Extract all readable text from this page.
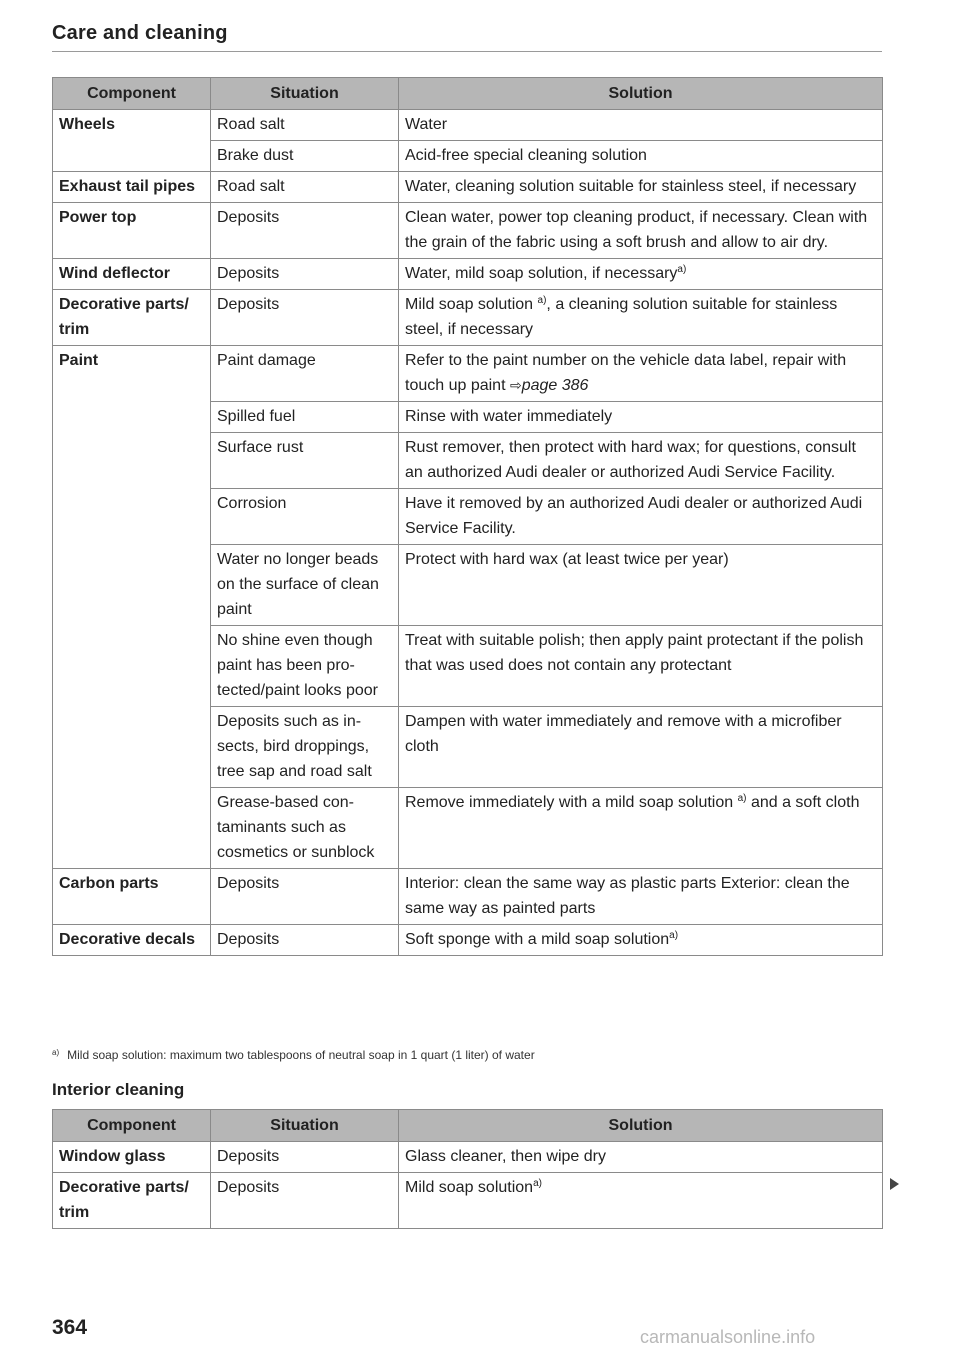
Care and cleaning
Component	Situation	Solution
Wheels	Road salt	Water
	Brake dust	Acid-free special cleaning solution
Exhaust tail pipes	Road salt	Water, cleaning solution suitable for stainless steel, if necessary
Power top	Deposits	Clean water, power top cleaning product, if necessary. Clean with the grain of the fabric using a soft brush and allow to air dry.
Wind deflector	Deposits	Water, mild soap solution, if necessary$^{a)}$
Decorative parts/ trim	Deposits	Mild soap solution $^{a)}$, a cleaning solution suitable for stainless steel, if necessary
Paint	Paint damage	Refer to the paint number on the vehicle data label, repair with touch up paint ⇨page 386
	Spilled fuel	Rinse with water immediately
	Surface rust	Rust remover, then protect with hard wax; for questions, consult an authorized Audi dealer or authorized Audi Service Facility.
	Corrosion	Have it removed by an authorized Audi dealer or authorized Audi Service Facility.
	Water no longer beads on the surface of clean paint	Protect with hard wax (at least twice per year)
	No shine even though paint has been protected/paint looks poor	Treat with suitable polish; then apply paint protectant if the polish that was used does not contain any protectant
	Deposits such as insects, bird droppings, tree sap and road salt	Dampen with water immediately and remove with a microfiber cloth
	Grease-based contaminants such as cosmetics or sunblock	Remove immediately with a mild soap solution $^{a)}$ and a soft cloth
Carbon parts	Deposits	Interior: clean the same way as plastic parts Exterior: clean the same way as painted parts
Decorative decals	Deposits	Soft sponge with a mild soap solution$^{a)}$
$^{a)}$ Mild soap solution: maximum two tablespoons of neutral soap in 1 quart (1 liter) of water
Interior cleaning
Component	Situation	Solution
Window glass	Deposits	Glass cleaner, then wipe dry
Decorative parts/ trim	Deposits	Mild soap solution$^{a)}$
364	carmanualsonline.info
